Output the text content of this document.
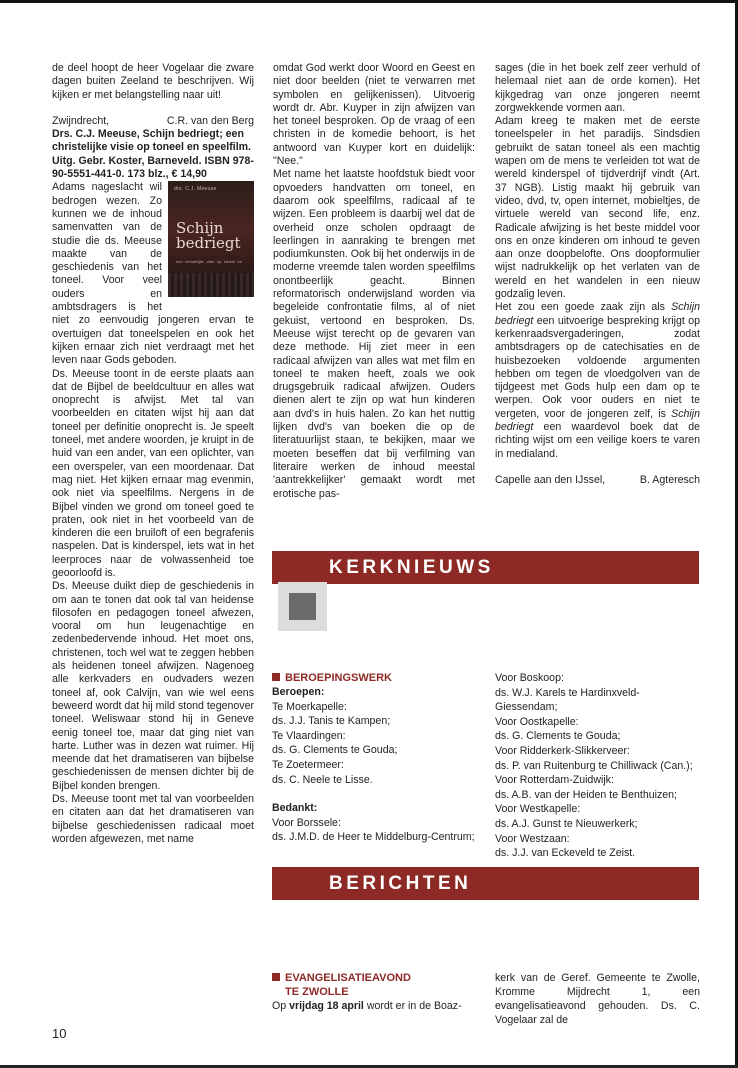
de deel hoopt de heer Vogelaar die zware dagen buiten Zeeland te beschrijven. Wij kijken er met belangstelling naar uit!

Zwijndrecht,	C.R. van den Berg

Drs. C.J. Meeuse, Schijn bedriegt; een christelijke visie op toneel en speelfilm. Uitg. Gebr. Koster, Barneveld. ISBN 978-90-5551-441-0. 173 blz., € 14,90

drs. C.J. Meeuse
Schijn
bedriegt
een christelijke visie op toneel en

Adams nageslacht wil bedrogen wezen. Zo kunnen we de inhoud samenvatten van de studie die ds. Meeuse maakte van de geschiedenis van het toneel. Voor veel ouders en ambtsdragers is het niet zo eenvoudig jongeren ervan te overtuigen dat toneelspelen en ook het kijken ernaar zich niet verdraagt met het leven naar Gods geboden.

Ds. Meeuse toont in de eerste plaats aan dat de Bijbel de beeldcultuur en alles wat onoprecht is afwijst. Met tal van voorbeelden en citaten wijst hij aan dat toneel per definitie onoprecht is. Je speelt toneel, met andere woorden, je kruipt in de huid van een ander, van een oplichter, van een overspeler, van een moordenaar. Dat mag niet. Het kijken ernaar mag evenmin, ook niet via speelfilms. Nergens in de Bijbel vinden we grond om toneel goed te praten, ook niet in het voorbeeld van de kinderen die een bruiloft of een begrafenis naspelen. Dat is kinderspel, iets wat in het leerproces naar de volwassenheid toe geoorloofd is.

Ds. Meeuse duikt diep de geschiedenis in om aan te tonen dat ook tal van heidense filosofen en pedagogen toneel afwezen, vooral om hun leugenachtige en zedenbedervende inhoud. Het moet ons, christenen, toch wel wat te zeggen hebben als heidenen toneel afwijzen. Nagenoeg alle kerkvaders en oudvaders wezen toneel af, ook Calvijn, van wie wel eens beweerd wordt dat hij mild stond tegenover toneel. Weliswaar stond hij in Geneve eenig toneel toe, maar dat ging niet van harte. Luther was in dezen wat ruimer. Hij meende dat het dramatiseren van bijbelse geschiedenissen de mensen dichter bij de Bijbel konden brengen.

Ds. Meeuse toont met tal van voorbeelden en citaten aan dat het dramatiseren van bijbelse geschiedenissen radicaal moet worden afgewezen, met name

omdat God werkt door Woord en Geest en niet door beelden (niet te verwarren met symbolen en gelijkenissen). Uitvoerig wordt dr. Abr. Kuyper in zijn afwijzen van het toneel besproken. Op de vraag of een christen in de komedie behoort, is het antwoord van Kuyper kort en duidelijk: "Nee."

Met name het laatste hoofdstuk biedt voor opvoeders handvatten om toneel, en daarom ook speelfilms, radicaal af te wijzen. Een probleem is daarbij wel dat de overheid onze scholen opdraagt de leerlingen in aanraking te brengen met podiumkunsten. Ook bij het onderwijs in de moderne vreemde talen worden speelfilms onontbeerlijk geacht. Binnen reformatorisch onderwijsland worden via begeleide confrontatie films, al of niet gekuist, vertoond en besproken. Ds. Meeuse wijst terecht op de gevaren van deze methode. Hij ziet meer in een radicaal afwijzen van alles wat met film en toneel te maken heeft, zoals we ook drugsgebruik radicaal afwijzen. Ouders dienen alert te zijn op wat hun kinderen aan dvd's in huis halen. Zo kan het nuttig lijken dvd's van boeken die op de literatuurlijst staan, te bekijken, maar we moeten beseffen dat bij verfilming van literaire werken de inhoud meestal 'aantrekkelijker' gemaakt wordt met erotische pas-

sages (die in het boek zelf zeer verhuld of helemaal niet aan de orde komen). Het kijkgedrag van onze jongeren neemt zorgwekkende vormen aan.

Adam kreeg te maken met de eerste toneelspeler in het paradijs. Sindsdien gebruikt de satan toneel als een machtig wapen om de mens te verleiden tot wat de wereld kinderspel of tijdverdrijf vindt (Art. 37 NGB). Listig maakt hij gebruik van video, dvd, tv, open internet, mobieltjes, de virtuele wereld van second life, enz. Radicale afwijzing is het beste middel voor ons en onze kinderen om inhoud te geven aan onze doopbelofte. Ons doopformulier wijst nadrukkelijk op het verlaten van de wereld en het wandelen in een nieuw godzalig leven.

Het zou een goede zaak zijn als Schijn bedriegt een uitvoerige bespreking krijgt op kerkenraadsvergaderingen, zodat ambtsdragers op de catechisaties en de huisbezoeken voldoende argumenten hebben om tegen de vloedgolven van de tijdgeest met Gods hulp een dam op te werpen. Ook voor ouders en niet te vergeten, voor de jongeren zelf, is Schijn bedriegt een waardevol boek dat de richting wijst om een veilige koers te varen in medialand.

Capelle aan den IJssel,	B. Agteresch
KERKNIEUWS
BEROEPINGSWERK
Beroepen:
Te Moerkapelle:
ds. J.J. Tanis te Kampen;
Te Vlaardingen:
ds. G. Clements te Gouda;
Te Zoetermeer:
ds. C. Neele te Lisse.
Bedankt:
Voor Borssele:
ds. J.M.D. de Heer te Middelburg-Centrum;
Voor Boskoop:
ds. W.J. Karels te Hardinxveld-Giessendam;
Voor Oostkapelle:
ds. G. Clements te Gouda;
Voor Ridderkerk-Slikkerveer:
ds. P. van Ruitenburg te Chilliwack (Can.);
Voor Rotterdam-Zuidwijk:
ds. A.B. van der Heiden te Benthuizen;
Voor Westkapelle:
ds. A.J. Gunst te Nieuwerkerk;
Voor Westzaan:
ds. J.J. van Eckeveld te Zeist.
BERICHTEN
EVANGELISATIEAVOND
TE ZWOLLE
Op vrijdag 18 april wordt er in de Boaz-

kerk van de Geref. Gemeente te Zwolle, Kromme Mijdrecht 1, een evangelisatieavond gehouden. Ds. C. Vogelaar zal de

10
